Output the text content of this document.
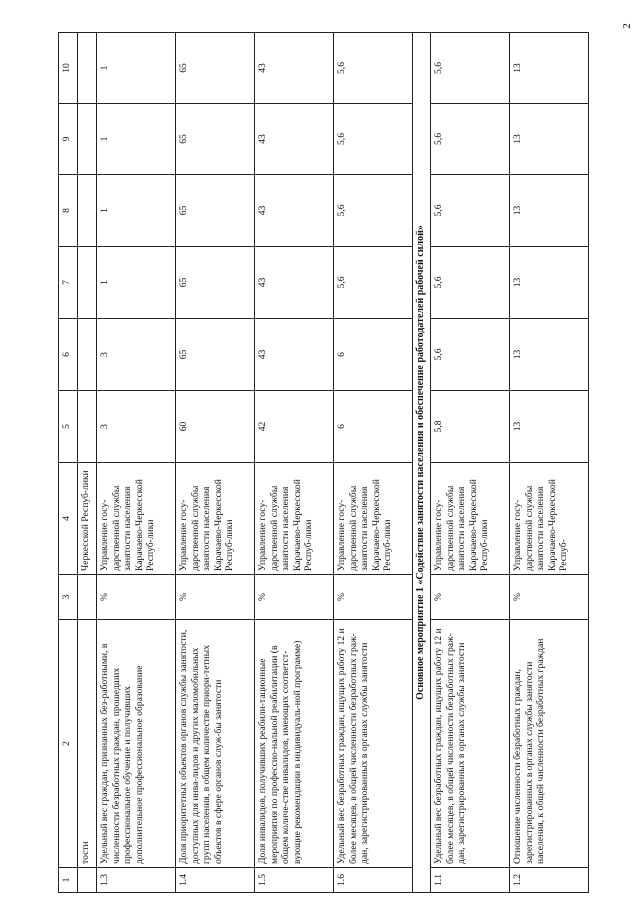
2
1	2	3	4	5	6	7	8	9	10
	тости		Черкесской Респуб-лики						
1.3	Удельный вес граждан, признанных без-работными, в численности безработных граждан, прошедших профессиональное обучение и получивших дополнительное профессиональное образование	%	Управление госу-дарственной службы занятости населения Карачаево-Черкесской Респуб-лики	3	3	1	1	1	1
1.4	Доля приоритетных объектов органов службы занятости, доступных для инва-лидов и других маломобильных групп населения, в общем количестве приори-тетных объектов в сфере органов служ-бы занятости	%	Управление госу-дарственной службы занятости населения Карачаево-Черкесской Респуб-лики	60	65	65	65	65	65
1.5	Доля инвалидов, получивших реабили-тационные мероприятия по профессио-нальной реабилитации (в общем количе-стве инвалидов, имеющих соответст-вующие рекомендации в индивидуаль-ной программе)	%	Управление госу-дарственной службы занятости населения Карачаево-Черкесской Респуб-лики	42	43	43	43	43	43
1.6	Удельный вес безработных граждан, ищущих работу 12 и более месяцев, в общей численности безработных граж-дан, зарегистрированных в органах службы занятости	%	Управление госу-дарственной службы занятости населения Карачаево-Черкесской Респуб-лики	6	6	5,6	5,6	5,6	5,6
Основное мероприятие 1 «Содействие занятости населения и обеспечение работодателей рабочей силой»									
1.1	Удельный вес безработных граждан, ищущих работу 12 и более месяцев, в общей численности безработных граж-дан, зарегистрированных в органах службы занятости	%	Управление госу-дарственной службы занятости населения Карачаево-Черкесской Респуб-лики	5,8	5,6	5,6	5,6	5,6	5,6
1.2	Отношение численности безработных граждан, зарегистрированных в органах службы занятости населения, к общей численности безработных граждан	%	Управление госу-дарственной службы занятости населения Карачаево-Черкесской Респуб-	13	13	13	13	13	13
